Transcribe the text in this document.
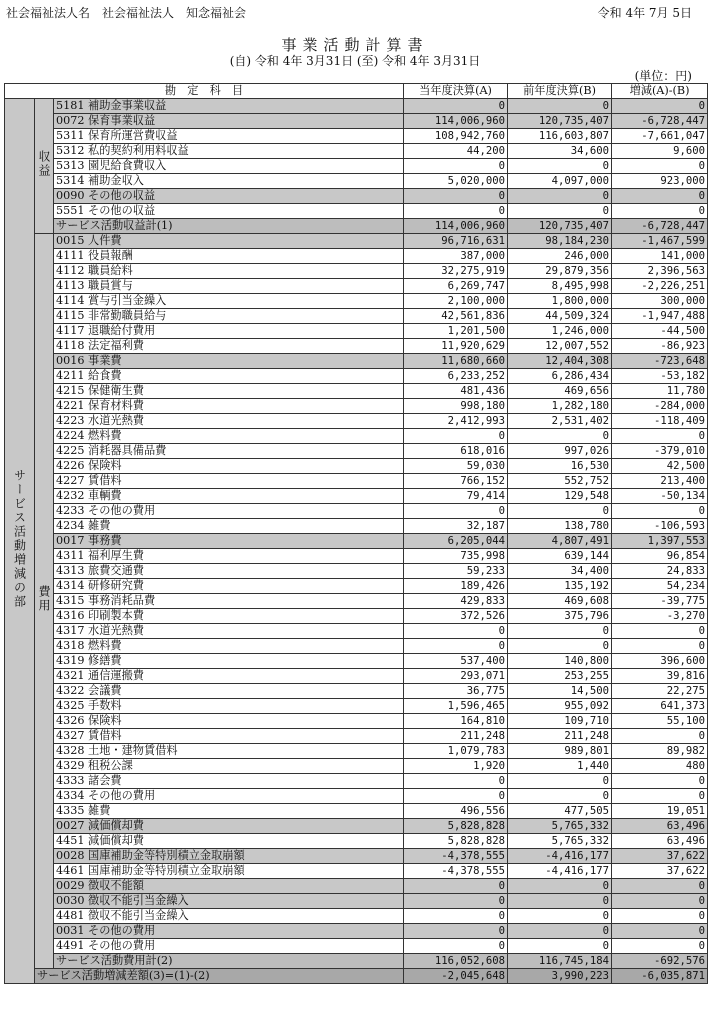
社会福祉法人名　社会福祉法人　知念福祉会	令和 4年 7月 5日
事業活動計算書
(自) 令和 4年 3月31日 (至) 令和 4年 3月31日
(単位：円)
勘　定　科　目			当年度決算(A)	前年度決算(B)	増減(A)-(B)
サービス活動増減の部	収益	5181 補助金事業収益	0	0	0
		0072 保育事業収益	114,006,960	120,735,407	-6,728,447
		5311 保育所運営費収益	108,942,760	116,603,807	-7,661,047
		5312 私的契約利用料収益	44,200	34,600	9,600
		5313 園児給食費収入	0	0	0
		5314 補助金収入	5,020,000	4,097,000	923,000
		0090 その他の収益	0	0	0
		5551 その他の収益	0	0	0
		サービス活動収益計(1)	114,006,960	120,735,407	-6,728,447
	費用	0015 人件費	96,716,631	98,184,230	-1,467,599
		4111 役員報酬	387,000	246,000	141,000
		4112 職員給料	32,275,919	29,879,356	2,396,563
		4113 職員賞与	6,269,747	8,495,998	-2,226,251
		4114 賞与引当金繰入	2,100,000	1,800,000	300,000
		4115 非常勤職員給与	42,561,836	44,509,324	-1,947,488
		4117 退職給付費用	1,201,500	1,246,000	-44,500
		4118 法定福利費	11,920,629	12,007,552	-86,923
		0016 事業費	11,680,660	12,404,308	-723,648
		4211 給食費	6,233,252	6,286,434	-53,182
		4215 保健衛生費	481,436	469,656	11,780
		4221 保育材料費	998,180	1,282,180	-284,000
		4223 水道光熱費	2,412,993	2,531,402	-118,409
		4224 燃料費	0	0	0
		4225 消耗器具備品費	618,016	997,026	-379,010
		4226 保険料	59,030	16,530	42,500
		4227 賃借料	766,152	552,752	213,400
		4232 車輌費	79,414	129,548	-50,134
		4233 その他の費用	0	0	0
		4234 雑費	32,187	138,780	-106,593
		0017 事務費	6,205,044	4,807,491	1,397,553
		4311 福利厚生費	735,998	639,144	96,854
		4313 旅費交通費	59,233	34,400	24,833
		4314 研修研究費	189,426	135,192	54,234
		4315 事務消耗品費	429,833	469,608	-39,775
		4316 印刷製本費	372,526	375,796	-3,270
		4317 水道光熱費	0	0	0
		4318 燃料費	0	0	0
		4319 修繕費	537,400	140,800	396,600
		4321 通信運搬費	293,071	253,255	39,816
		4322 会議費	36,775	14,500	22,275
		4325 手数料	1,596,465	955,092	641,373
		4326 保険料	164,810	109,710	55,100
		4327 賃借料	211,248	211,248	0
		4328 土地・建物賃借料	1,079,783	989,801	89,982
		4329 租税公課	1,920	1,440	480
		4333 諸会費	0	0	0
		4334 その他の費用	0	0	0
		4335 雑費	496,556	477,505	19,051
		0027 減価償却費	5,828,828	5,765,332	63,496
		4451 減価償却費	5,828,828	5,765,332	63,496
		0028 国庫補助金等特別積立金取崩額	-4,378,555	-4,416,177	37,622
		4461 国庫補助金等特別積立金取崩額	-4,378,555	-4,416,177	37,622
		0029 徴収不能額	0	0	0
		0030 徴収不能引当金繰入	0	0	0
		4481 徴収不能引当金繰入	0	0	0
		0031 その他の費用	0	0	0
		4491 その他の費用	0	0	0
		サービス活動費用計(2)	116,052,608	116,745,184	-692,576
	サービス活動増減差額(3)=(1)-(2)		-2,045,648	3,990,223	-6,035,871
